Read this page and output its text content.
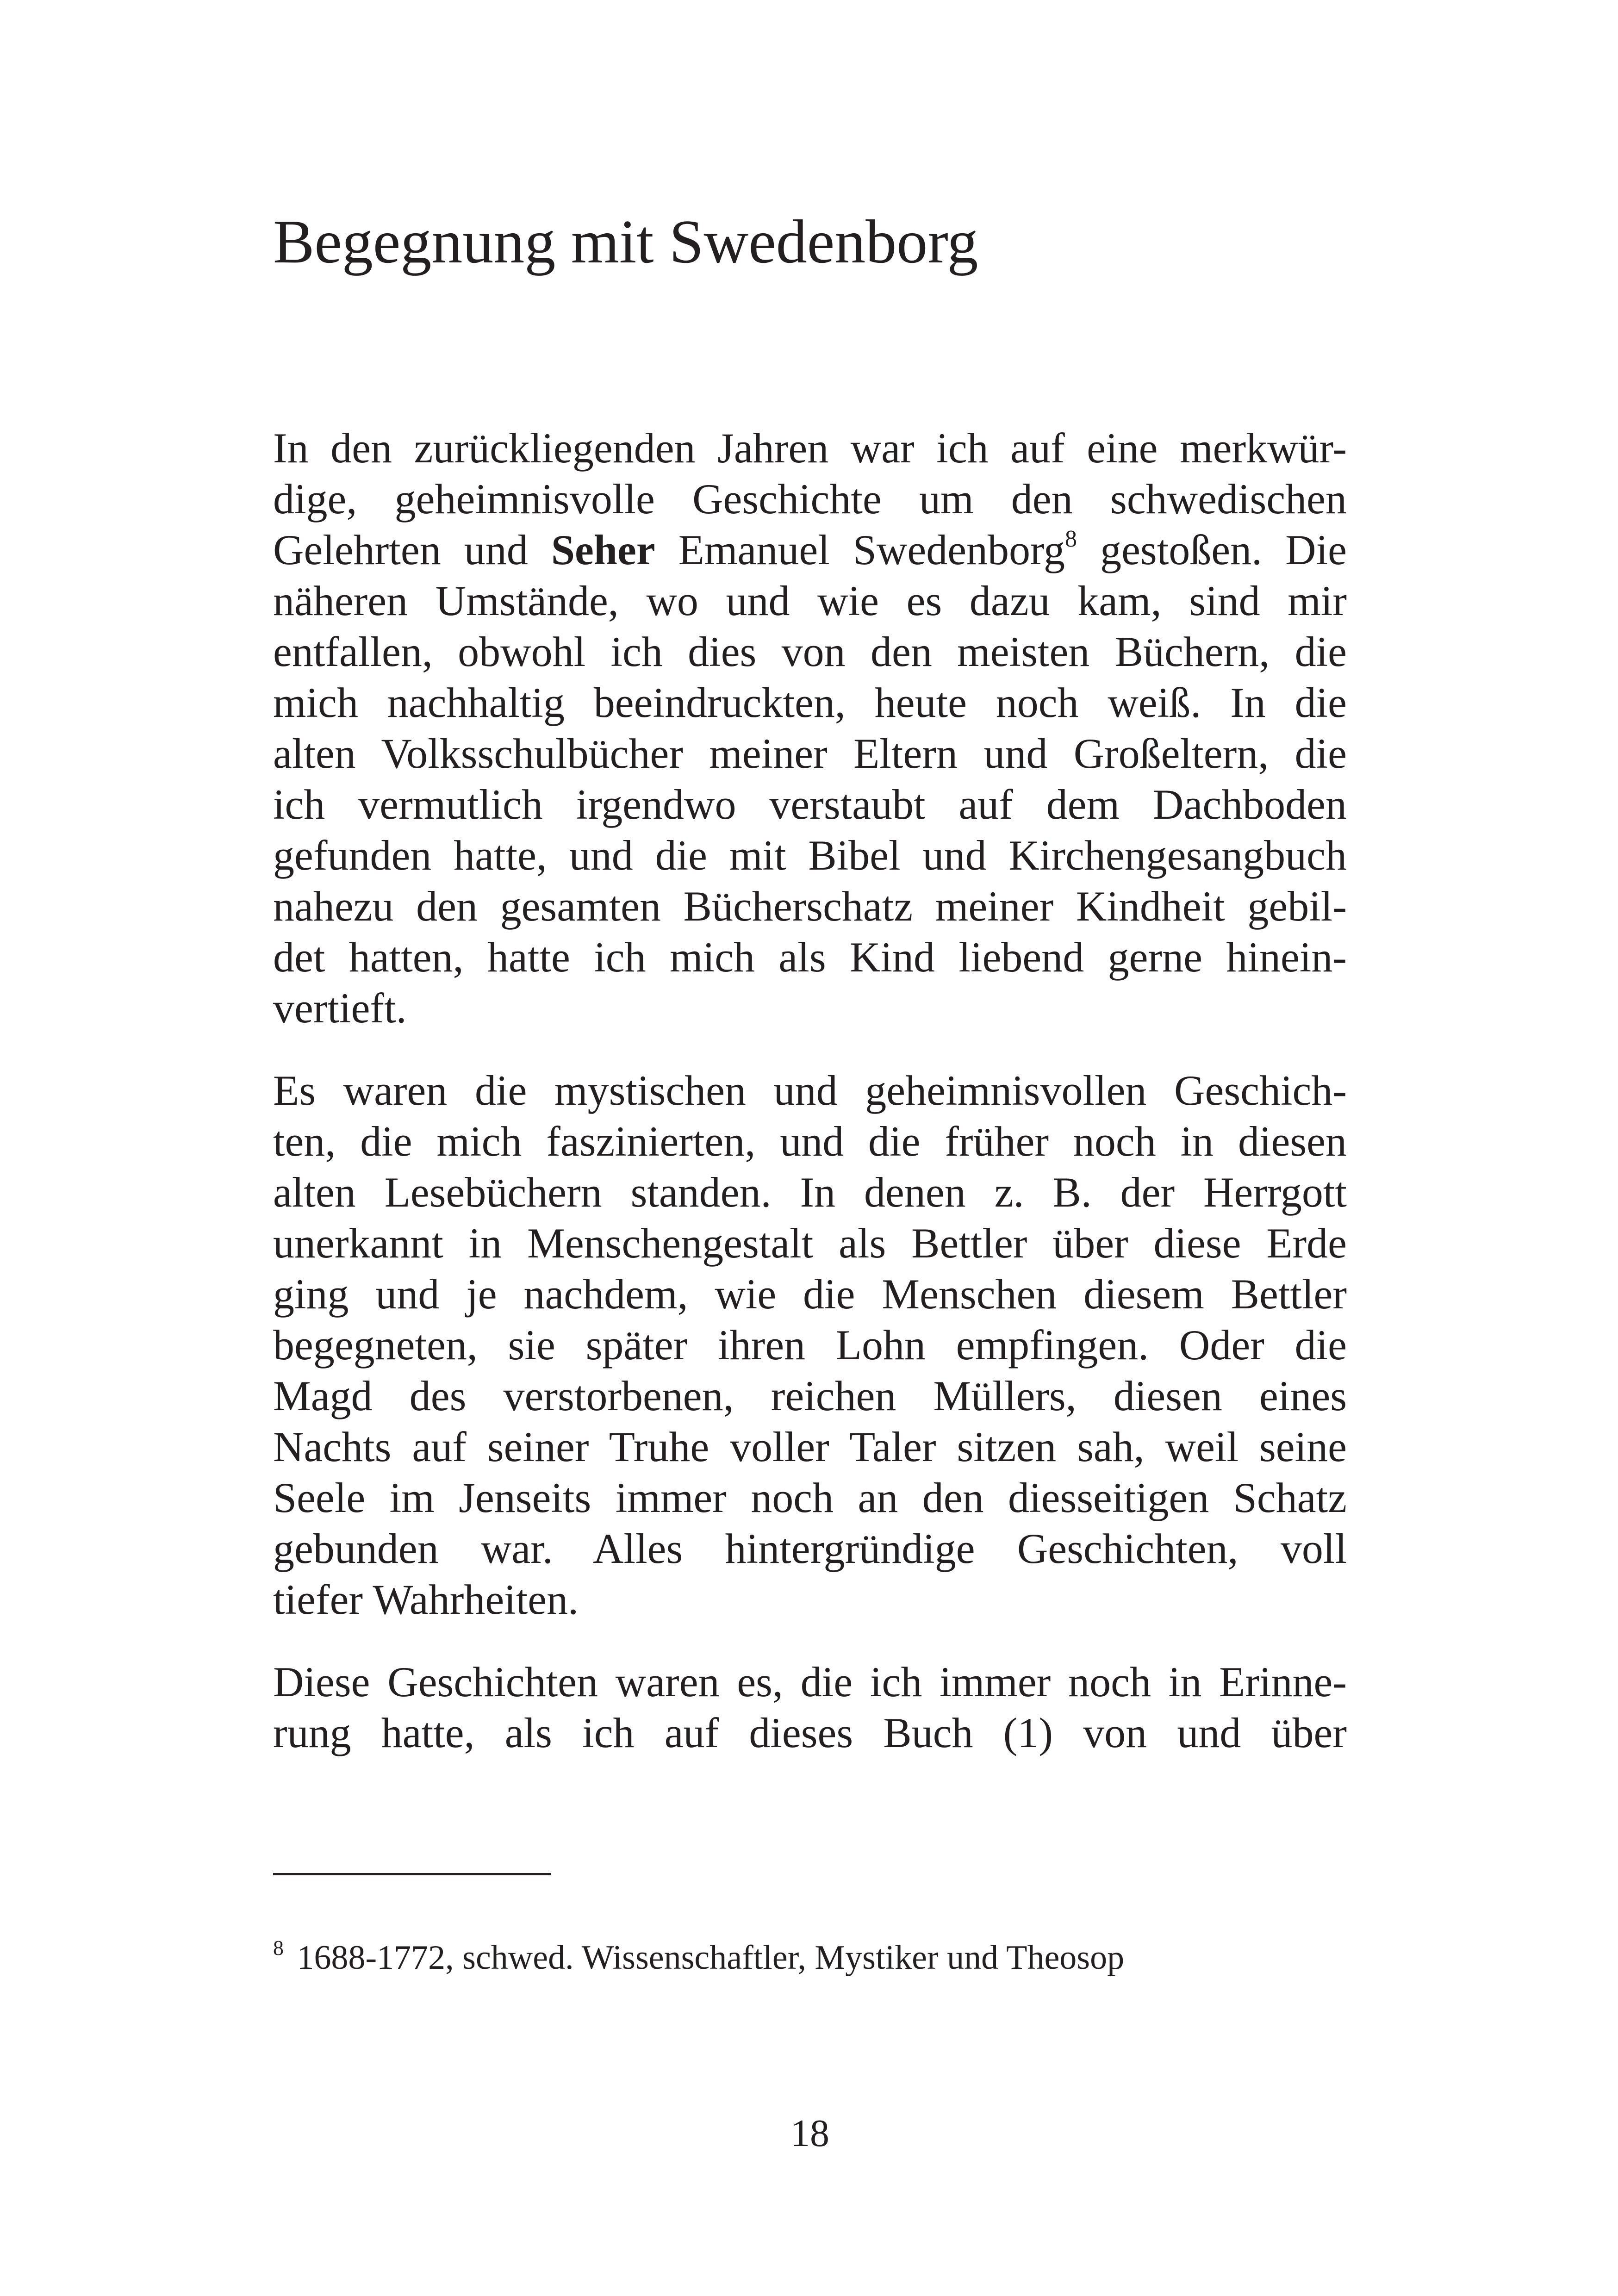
Begegnung mit Swedenborg
In den zurückliegenden Jahren war ich auf eine merkwür-
dige, geheimnisvolle Geschichte um den schwedischen
Gelehrten und Seher Emanuel Swedenborg$^8$ gestoßen. Die
näheren Umstände, wo und wie es dazu kam, sind mir
entfallen, obwohl ich dies von den meisten Büchern, die
mich nachhaltig beeindruckten, heute noch weiß. In die
alten Volksschulbücher meiner Eltern und Großeltern, die
ich vermutlich irgendwo verstaubt auf dem Dachboden
gefunden hatte, und die mit Bibel und Kirchengesangbuch
nahezu den gesamten Bücherschatz meiner Kindheit gebil-
det hatten, hatte ich mich als Kind liebend gerne hinein-
vertieft.
Es waren die mystischen und geheimnisvollen Geschich-
ten, die mich faszinierten, und die früher noch in diesen
alten Lesebüchern standen. In denen z. B. der Herrgott
unerkannt in Menschengestalt als Bettler über diese Erde
ging und je nachdem, wie die Menschen diesem Bettler
begegneten, sie später ihren Lohn empfingen. Oder die
Magd des verstorbenen, reichen Müllers, diesen eines
Nachts auf seiner Truhe voller Taler sitzen sah, weil seine
Seele im Jenseits immer noch an den diesseitigen Schatz
gebunden war. Alles hintergründige Geschichten, voll
tiefer Wahrheiten.
Diese Geschichten waren es, die ich immer noch in Erinne-
rung hatte, als ich auf dieses Buch (1) von und über
$^8$ 1688-1772, schwed. Wissenschaftler, Mystiker und Theosop
18
